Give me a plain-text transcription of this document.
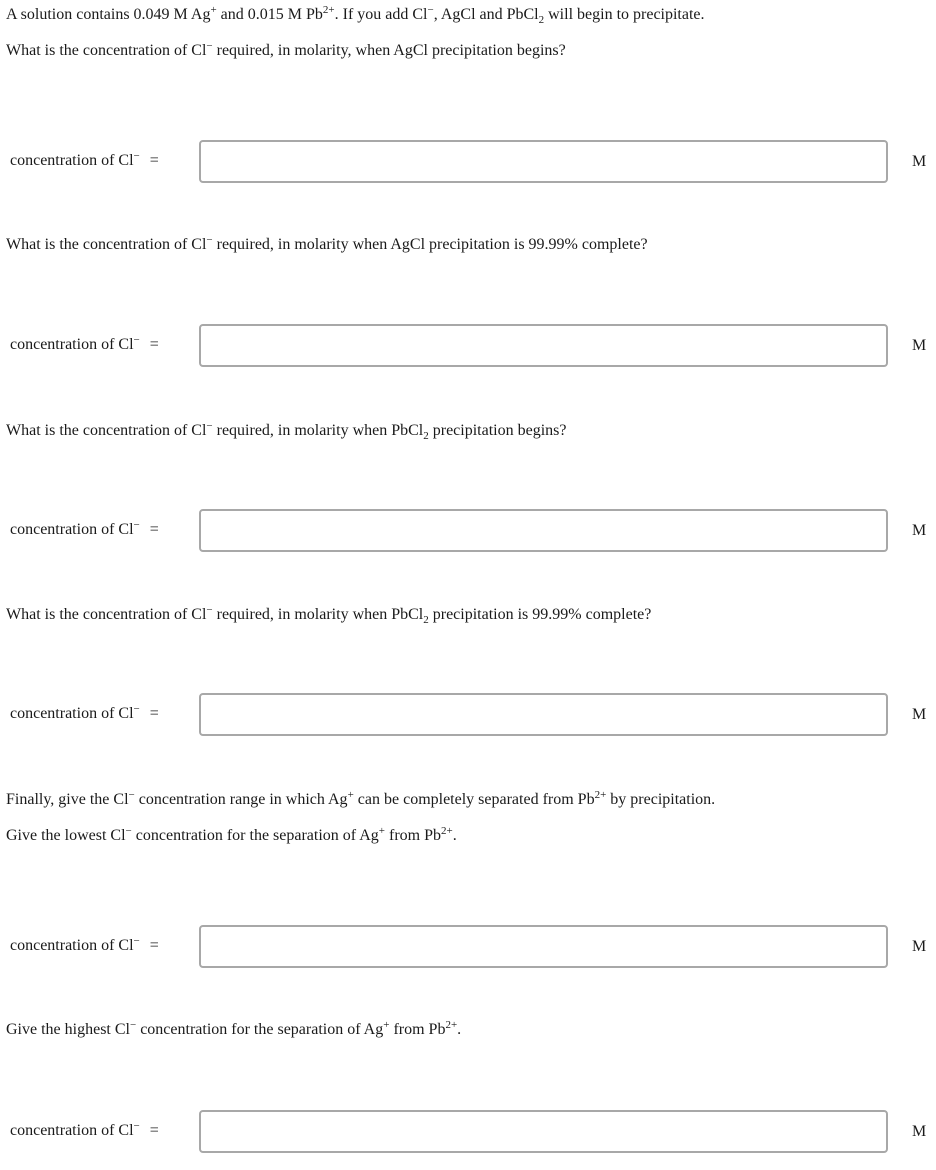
A solution contains 0.049 M Ag+ and 0.015 M $Pb^{2+}$. If you add Cl−, AgCl and PbCl$_2$ will begin to precipitate.
What is the concentration of Cl− required, in molarity, when AgCl precipitation begins?
concentration of Cl− =	M
What is the concentration of Cl− required, in molarity when AgCl precipitation is 99.99% complete?
concentration of Cl− =	M
What is the concentration of Cl− required, in molarity when PbCl$_2$ precipitation begins?
concentration of Cl− =	M
What is the concentration of Cl− required, in molarity when PbCl$_2$ precipitation is 99.99% complete?
concentration of Cl− =	M
Finally, give the Cl− concentration range in which Ag+ can be completely separated from $Pb^{2+}$ by precipitation.
Give the lowest Cl− concentration for the separation of Ag+ from $Pb^{2+}$.
concentration of Cl− =	M
Give the highest Cl− concentration for the separation of Ag+ from $Pb^{2+}$.
concentration of Cl− =	M
